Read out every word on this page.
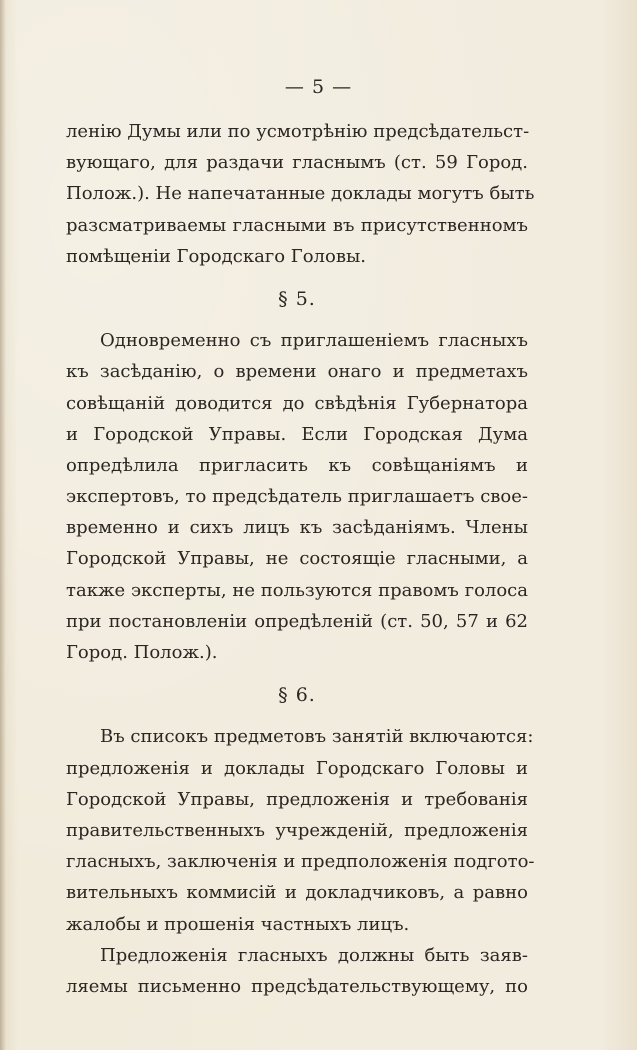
— 5 —
ленію Думы или по усмотрѣнію предсѣдательст-
вующаго, для раздачи гласнымъ (ст. 59 Город.
Полож.). Не напечатанные доклады могутъ быть
разсматриваемы гласными въ присутственномъ
помѣщеніи Городскаго Головы.
§ 5.
Одновременно съ приглашеніемъ гласныхъ
къ засѣданію, о времени онаго и предметахъ
совѣщаній доводится до свѣдѣнія Губернатора
и Городской Управы. Если Городская Дума
опредѣлила пригласить къ совѣщаніямъ и
экспертовъ, то предсѣдатель приглашаетъ свое-
временно и сихъ лицъ къ засѣданіямъ. Члены
Городской Управы, не состоящіе гласными, а
также эксперты, не пользуются правомъ голоса
при постановленіи опредѣленій (ст. 50, 57 и 62
Город. Полож.).
§ 6.
Въ списокъ предметовъ занятій включаются:
предложенія и доклады Городскаго Головы и
Городской Управы, предложенія и требованія
правительственныхъ учрежденій, предложенія
гласныхъ, заключенія и предположенія подгото-
вительныхъ коммисій и докладчиковъ, а равно
жалобы и прошенія частныхъ лицъ.
Предложенія гласныхъ должны быть заяв-
ляемы письменно предсѣдательствующему, по
